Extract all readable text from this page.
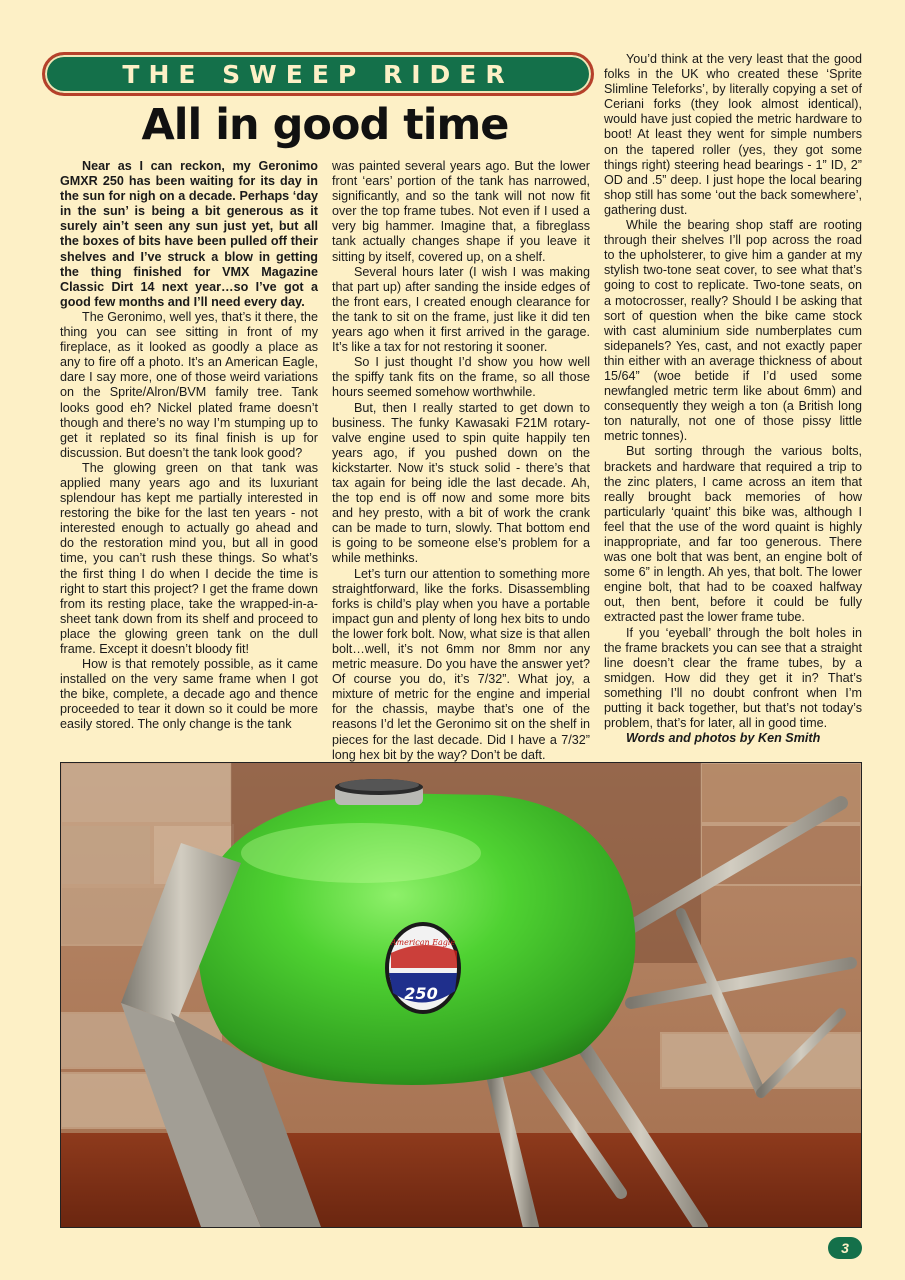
THE SWEEP RIDER
All in good time

Near as I can reckon, my Geronimo GMXR 250 has been waiting for its day in the sun for nigh on a decade. Perhaps ‘day in the sun’ is being a bit generous as it surely ain’t seen any sun just yet, but all the boxes of bits have been pulled off their shelves and I’ve struck a blow in getting the thing finished for VMX Magazine Classic Dirt 14 next year…so I’ve got a good few months and I’ll need every day.

The Geronimo, well yes, that’s it there, the thing you can see sitting in front of my fireplace, as it looked as goodly a place as any to fire off a photo. It’s an American Eagle, dare I say more, one of those weird variations on the Sprite/Alron/BVM family tree. Tank looks good eh? Nickel plated frame doesn’t though and there’s no way I’m stumping up to get it replated so its final finish is up for discussion. But doesn’t the tank look good?

The glowing green on that tank was applied many years ago and its luxuriant splendour has kept me partially interested in restoring the bike for the last ten years - not interested enough to actually go ahead and do the restoration mind you, but all in good time, you can’t rush these things. So what’s the first thing I do when I decide the time is right to start this project? I get the frame down from its resting place, take the wrapped-in-a-sheet tank down from its shelf and proceed to place the glowing green tank on the dull frame. Except it doesn’t bloody fit!

How is that remotely possible, as it came installed on the very same frame when I got the bike, complete, a decade ago and thence proceeded to tear it down so it could be more easily stored. The only change is the tank

was painted several years ago. But the lower front ‘ears’ portion of the tank has narrowed, significantly, and so the tank will not now fit over the top frame tubes. Not even if I used a very big hammer. Imagine that, a fibreglass tank actually changes shape if you leave it sitting by itself, covered up, on a shelf.

Several hours later (I wish I was making that part up) after sanding the inside edges of the front ears, I created enough clearance for the tank to sit on the frame, just like it did ten years ago when it first arrived in the garage. It’s like a tax for not restoring it sooner.

So I just thought I’d show you how well the spiffy tank fits on the frame, so all those hours seemed somehow worthwhile.

But, then I really started to get down to business. The funky Kawasaki F21M rotary-valve engine used to spin quite happily ten years ago, if you pushed down on the kickstarter. Now it’s stuck solid - there’s that tax again for being idle the last decade. Ah, the top end is off now and some more bits and hey presto, with a bit of work the crank can be made to turn, slowly. That bottom end is going to be someone else’s problem for a while methinks.

Let’s turn our attention to something more straightforward, like the forks. Disassembling forks is child’s play when you have a portable impact gun and plenty of long hex bits to undo the lower fork bolt. Now, what size is that allen bolt…well, it’s not 6mm nor 8mm nor any metric measure. Do you have the answer yet? Of course you do, it’s 7/32”. What joy, a mixture of metric for the engine and imperial for the chassis, maybe that’s one of the reasons I’d let the Geronimo sit on the shelf in pieces for the last decade. Did I have a 7/32” long hex bit by the way? Don’t be daft.

You’d think at the very least that the good folks in the UK who created these ‘Sprite Slimline Teleforks’, by literally copying a set of Ceriani forks (they look almost identical), would have just copied the metric hardware to boot! At least they went for simple numbers on the tapered roller (yes, they got some things right) steering head bearings - 1” ID, 2” OD and .5” deep. I just hope the local bearing shop still has some ‘out the back somewhere’, gathering dust.

While the bearing shop staff are rooting through their shelves I’ll pop across the road to the upholsterer, to give him a gander at my stylish two-tone seat cover, to see what that’s going to cost to replicate. Two-tone seats, on a motocrosser, really? Should I be asking that sort of question when the bike came stock with cast aluminium side numberplates cum sidepanels? Yes, cast, and not exactly paper thin either with an average thickness of about 15/64” (woe betide if I’d used some newfangled metric term like about 6mm) and consequently they weigh a ton (a British long ton naturally, not one of those pissy little metric tonnes).

But sorting through the various bolts, brackets and hardware that required a trip to the zinc platers, I came across an item that really brought back memories of how particularly ‘quaint’ this bike was, although I feel that the use of the word quaint is highly inappropriate, and far too generous. There was one bolt that was bent, an engine bolt of some 6” in length. Ah yes, that bolt. The lower engine bolt, that had to be coaxed halfway out, then bent, before it could be fully extracted past the lower frame tube.

If you ‘eyeball’ through the bolt holes in the frame brackets you can see that a straight line doesn’t clear the frame tubes, by a smidgen. How did they get it in? That’s something I’ll no doubt confront when I’m putting it back together, but that’s not today’s problem, that’s for later, all in good time.

Words and photos by Ken Smith

American Eagle
250
3
